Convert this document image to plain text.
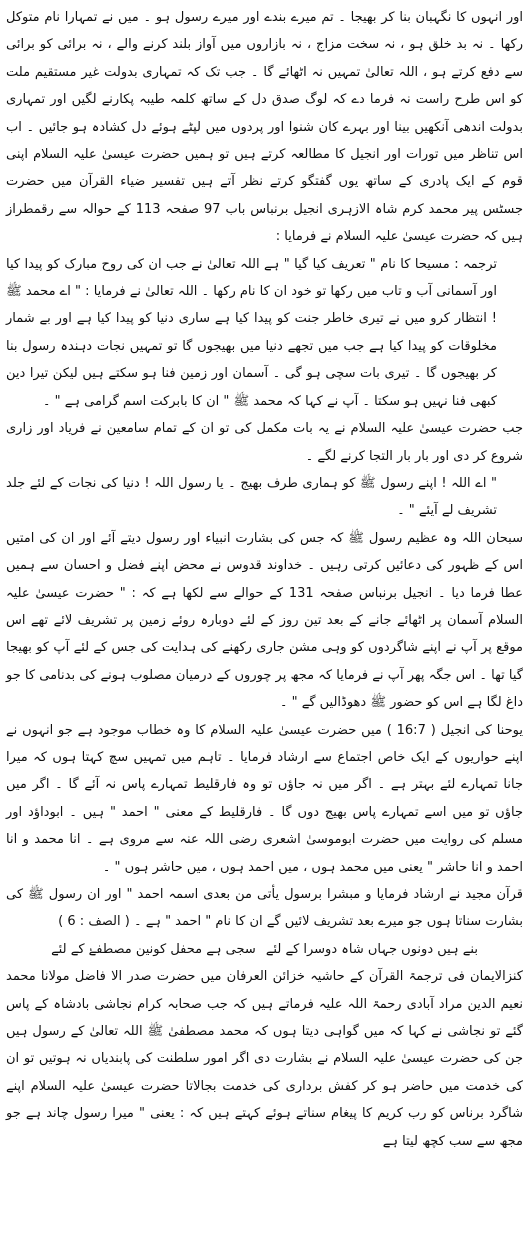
اور انہوں کا نگہبان بنا کر بھیجا ۔ تم میرے بندے اور میرے رسول ہو ۔ میں نے تمہارا نام متوکل رکھا ۔ نہ بد خلق ہو ، نہ سخت مزاج ، نہ بازاروں میں آواز بلند کرنے والے ، نہ برائی کو برائی سے دفع کرتے ہو ، اللہ تعالیٰ تمہیں نہ اٹھائے گا ۔ جب تک کہ تمہاری بدولت غیر مستقیم ملت کو اس طرح راست نہ فرما دے کہ لوگ صدق دل کے ساتھ کلمہ طیبہ پکارنے لگیں اور تمہاری بدولت اندھی آنکھیں بینا اور بہرے کان شنوا اور پردوں میں لپٹے ہوئے دل کشادہ ہو جائیں ۔ اب اس تناظر میں تورات اور انجیل کا مطالعہ کرتے ہیں تو ہمیں حضرت عیسیٰ علیہ السلام اپنی قوم کے ایک پادری کے ساتھ یوں گفتگو کرتے نظر آتے ہیں تفسیر ضیاء القرآن میں حضرت جسٹس پیر محمد کرم شاہ الازہری انجیل برنباس باب 97 صفحہ 113 کے حوالہ سے رقمطراز ہیں کہ حضرت عیسیٰ علیہ السلام نے فرمایا :

ترجمہ : مسیحا کا نام " تعریف کیا گیا " ہے اللہ تعالیٰ نے جب ان کی روح مبارک کو پیدا کیا اور آسمانی آب و تاب میں رکھا تو خود ان کا نام رکھا ۔ اللہ تعالیٰ نے فرمایا : " اے محمد ﷺ ! انتظار کرو میں نے تیری خاطر جنت کو پیدا کیا ہے ساری دنیا کو پیدا کیا ہے اور بے شمار مخلوقات کو پیدا کیا ہے جب میں تجھے دنیا میں بھیجوں گا تو تمہیں نجات دہندہ رسول بنا کر بھیجوں گا ۔ تیری بات سچی ہو گی ۔ آسمان اور زمین فنا ہو سکتے ہیں لیکن تیرا دین کبھی فنا نہیں ہو سکتا ۔ آپ نے کہا کہ محمد ﷺ " ان کا بابرکت اسم گرامی ہے " ۔

جب حضرت عیسیٰ علیہ السلام نے یہ بات مکمل کی تو ان کے تمام سامعین نے فریاد اور زاری شروع کر دی اور بار بار التجا کرنے لگے ۔

" اے اللہ ! اپنے رسول ﷺ کو ہماری طرف بھیج ۔ یا رسول اللہ ! دنیا کی نجات کے لئے جلد تشریف لے آیئے " ۔

سبحان اللہ وہ عظیم رسول ﷺ کہ جس کی بشارت انبیاء اور رسول دیتے آئے اور ان کی امتیں اس کے ظہور کی دعائیں کرتی رہیں ۔ خداوند قدوس نے محض اپنے فضل و احسان سے ہمیں عطا فرما دیا ۔ انجیل برنباس صفحہ 131 کے حوالے سے لکھا ہے کہ : " حضرت عیسیٰ علیہ السلام آسمان پر اٹھائے جانے کے بعد تین روز کے لئے دوبارہ روئے زمین پر تشریف لائے تھے اس موقع پر آپ نے اپنے شاگردوں کو وہی مشن جاری رکھنے کی ہدایت کی جس کے لئے آپ کو بھیجا گیا تھا ۔ اس جگہ پھر آپ نے فرمایا کہ مجھ پر چوروں کے درمیان مصلوب ہونے کی بدنامی کا جو داغ لگا ہے اس کو حضور ﷺ دھوڈالیں گے " ۔

یوحنا کی انجیل ( 16:7 ) میں حضرت عیسیٰ علیہ السلام کا وہ خطاب موجود ہے جو انہوں نے اپنے حواریوں کے ایک خاص اجتماع سے ارشاد فرمایا ۔ تاہم میں تمہیں سچ کہتا ہوں کہ میرا جانا تمہارے لئے بہتر ہے ۔ اگر میں نہ جاؤں تو وہ فارقلیط تمہارے پاس نہ آئے گا ۔ اگر میں جاؤں تو میں اسے تمہارے پاس بھیج دوں گا ۔ فارقلیط کے معنی " احمد " ہیں ۔ ابوداؤد اور مسلم کی روایت میں حضرت ابوموسیٰ اشعری رضی اللہ عنہ سے مروی ہے ۔ انا محمد و انا احمد و انا حاشر " یعنی میں محمد ہوں ، میں احمد ہوں ، میں حاشر ہوں " ۔

قرآن مجید نے ارشاد فرمایا و مبشرا برسول یأتی من بعدی اسمہ احمد " اور ان رسول ﷺ کی بشارت سناتا ہوں جو میرے بعد تشریف لائیں گے ان کا نام " احمد " ہے ۔ ( الصف : 6 )

بنے ہیں دونوں جہاں شاہ دوسرا کے لئے
سجی ہے محفل کونین مصطفےٰ کے لئے

کنزالایمان فی ترجمۃ القرآن کے حاشیہ خزائن العرفان میں حضرت صدر الا فاضل مولانا محمد نعیم الدین مراد آبادی رحمۃ اللہ علیہ فرماتے ہیں کہ جب صحابہ کرام نجاشی بادشاہ کے پاس گئے تو نجاشی نے کہا کہ میں گواہی دیتا ہوں کہ محمد مصطفیٰ ﷺ اللہ تعالیٰ کے رسول ہیں جن کی حضرت عیسیٰ علیہ السلام نے بشارت دی اگر امور سلطنت کی پابندیاں نہ ہوتیں تو ان کی خدمت میں حاضر ہو کر کفش برداری کی خدمت بجالاتا حضرت عیسیٰ علیہ السلام اپنے شاگرد برناس کو رب کریم کا پیغام سناتے ہوئے کہتے ہیں کہ : یعنی " میرا رسول چاند ہے جو مجھ سے سب کچھ لیتا ہے
